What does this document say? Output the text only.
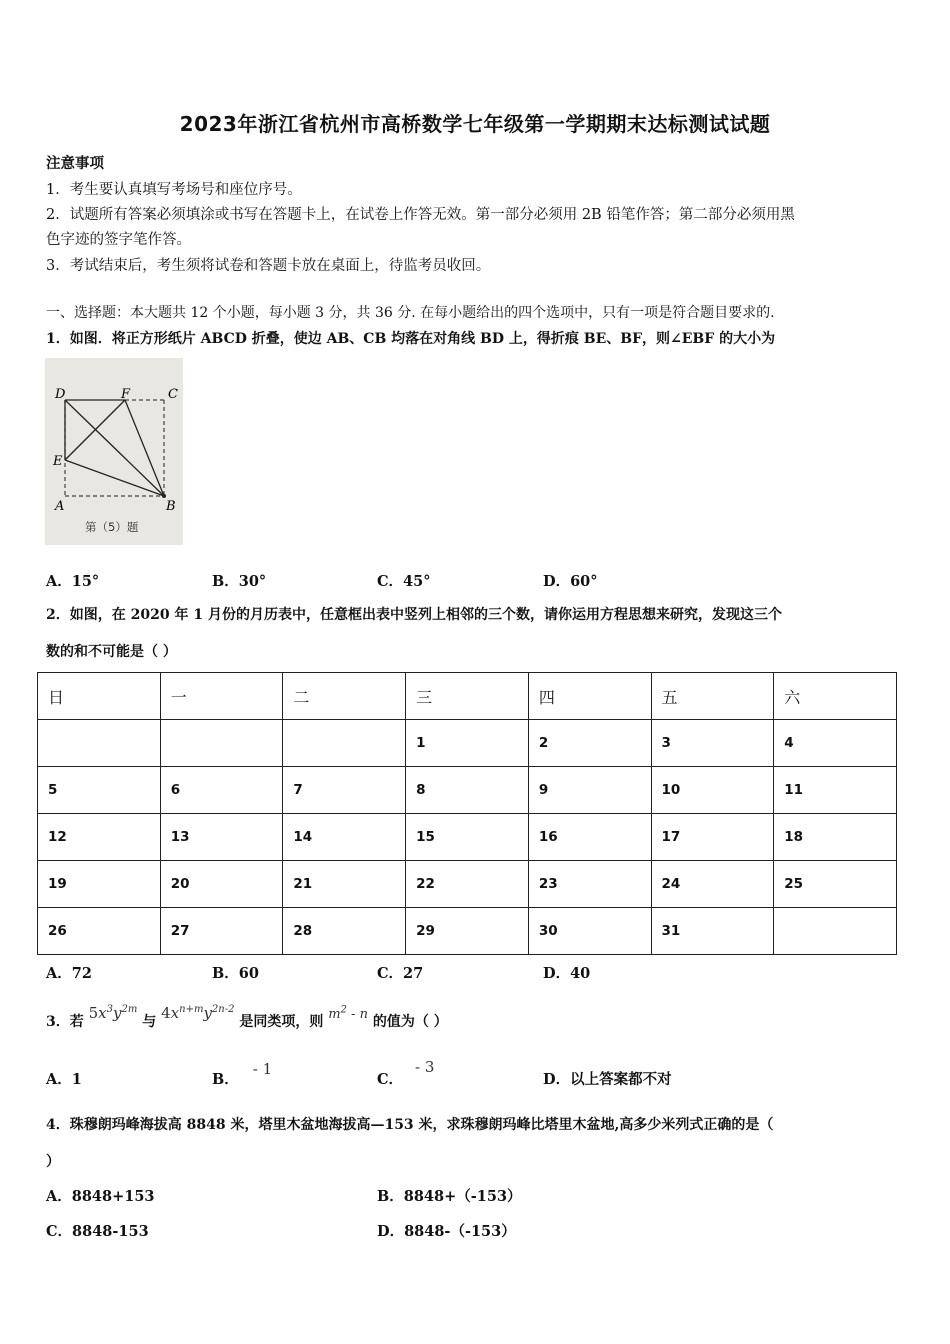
2023年浙江省杭州市高桥数学七年级第一学期期末达标测试试题
注意事项
1．考生要认真填写考场号和座位序号。
2．试题所有答案必须填涂或书写在答题卡上，在试卷上作答无效。第一部分必须用 2B 铅笔作答；第二部分必须用黑
色字迹的签字笔作答。
3．考试结束后，考生须将试卷和答题卡放在桌面上，待监考员收回。
一、选择题：本大题共 12 个小题，每小题 3 分，共 36 分. 在每小题给出的四个选项中，只有一项是符合题目要求的.
1．如图．将正方形纸片 ABCD 折叠，使边 AB、CB 均落在对角线 BD 上，得折痕 BE、BF，则∠EBF 的大小为
D	F	C
E
A	B
第（5）题
A．15°	B．30°	C．45°	D．60°
2．如图，在 2020 年 1 月份的月历表中，任意框出表中竖列上相邻的三个数，请你运用方程思想来研究，发现这三个
数的和不可能是（ ）
日	一	二	三	四	五	六
			1	2	3	4
5	6	7	8	9	10	11
12	13	14	15	16	17	18
19	20	21	22	23	24	25
26	27	28	29	30	31	
A．72	B．60	C．27	D．40
3．若 $5x^3y^{2m}$ 与 $4x^{n+m}y^{2n-2}$ 是同类项，则 $m^2$ - n 的值为（ ）
A．1	B．- 1
C．- 3
D．以上答案都不对
4．珠穆朗玛峰海拔高 8848 米，塔里木盆地海拔高—153 米，求珠穆朗玛峰比塔里木盆地,高多少米列式正确的是（
）
A．8848+153	B．8848+（-153）
C．8848-153	D．8848-（-153）
